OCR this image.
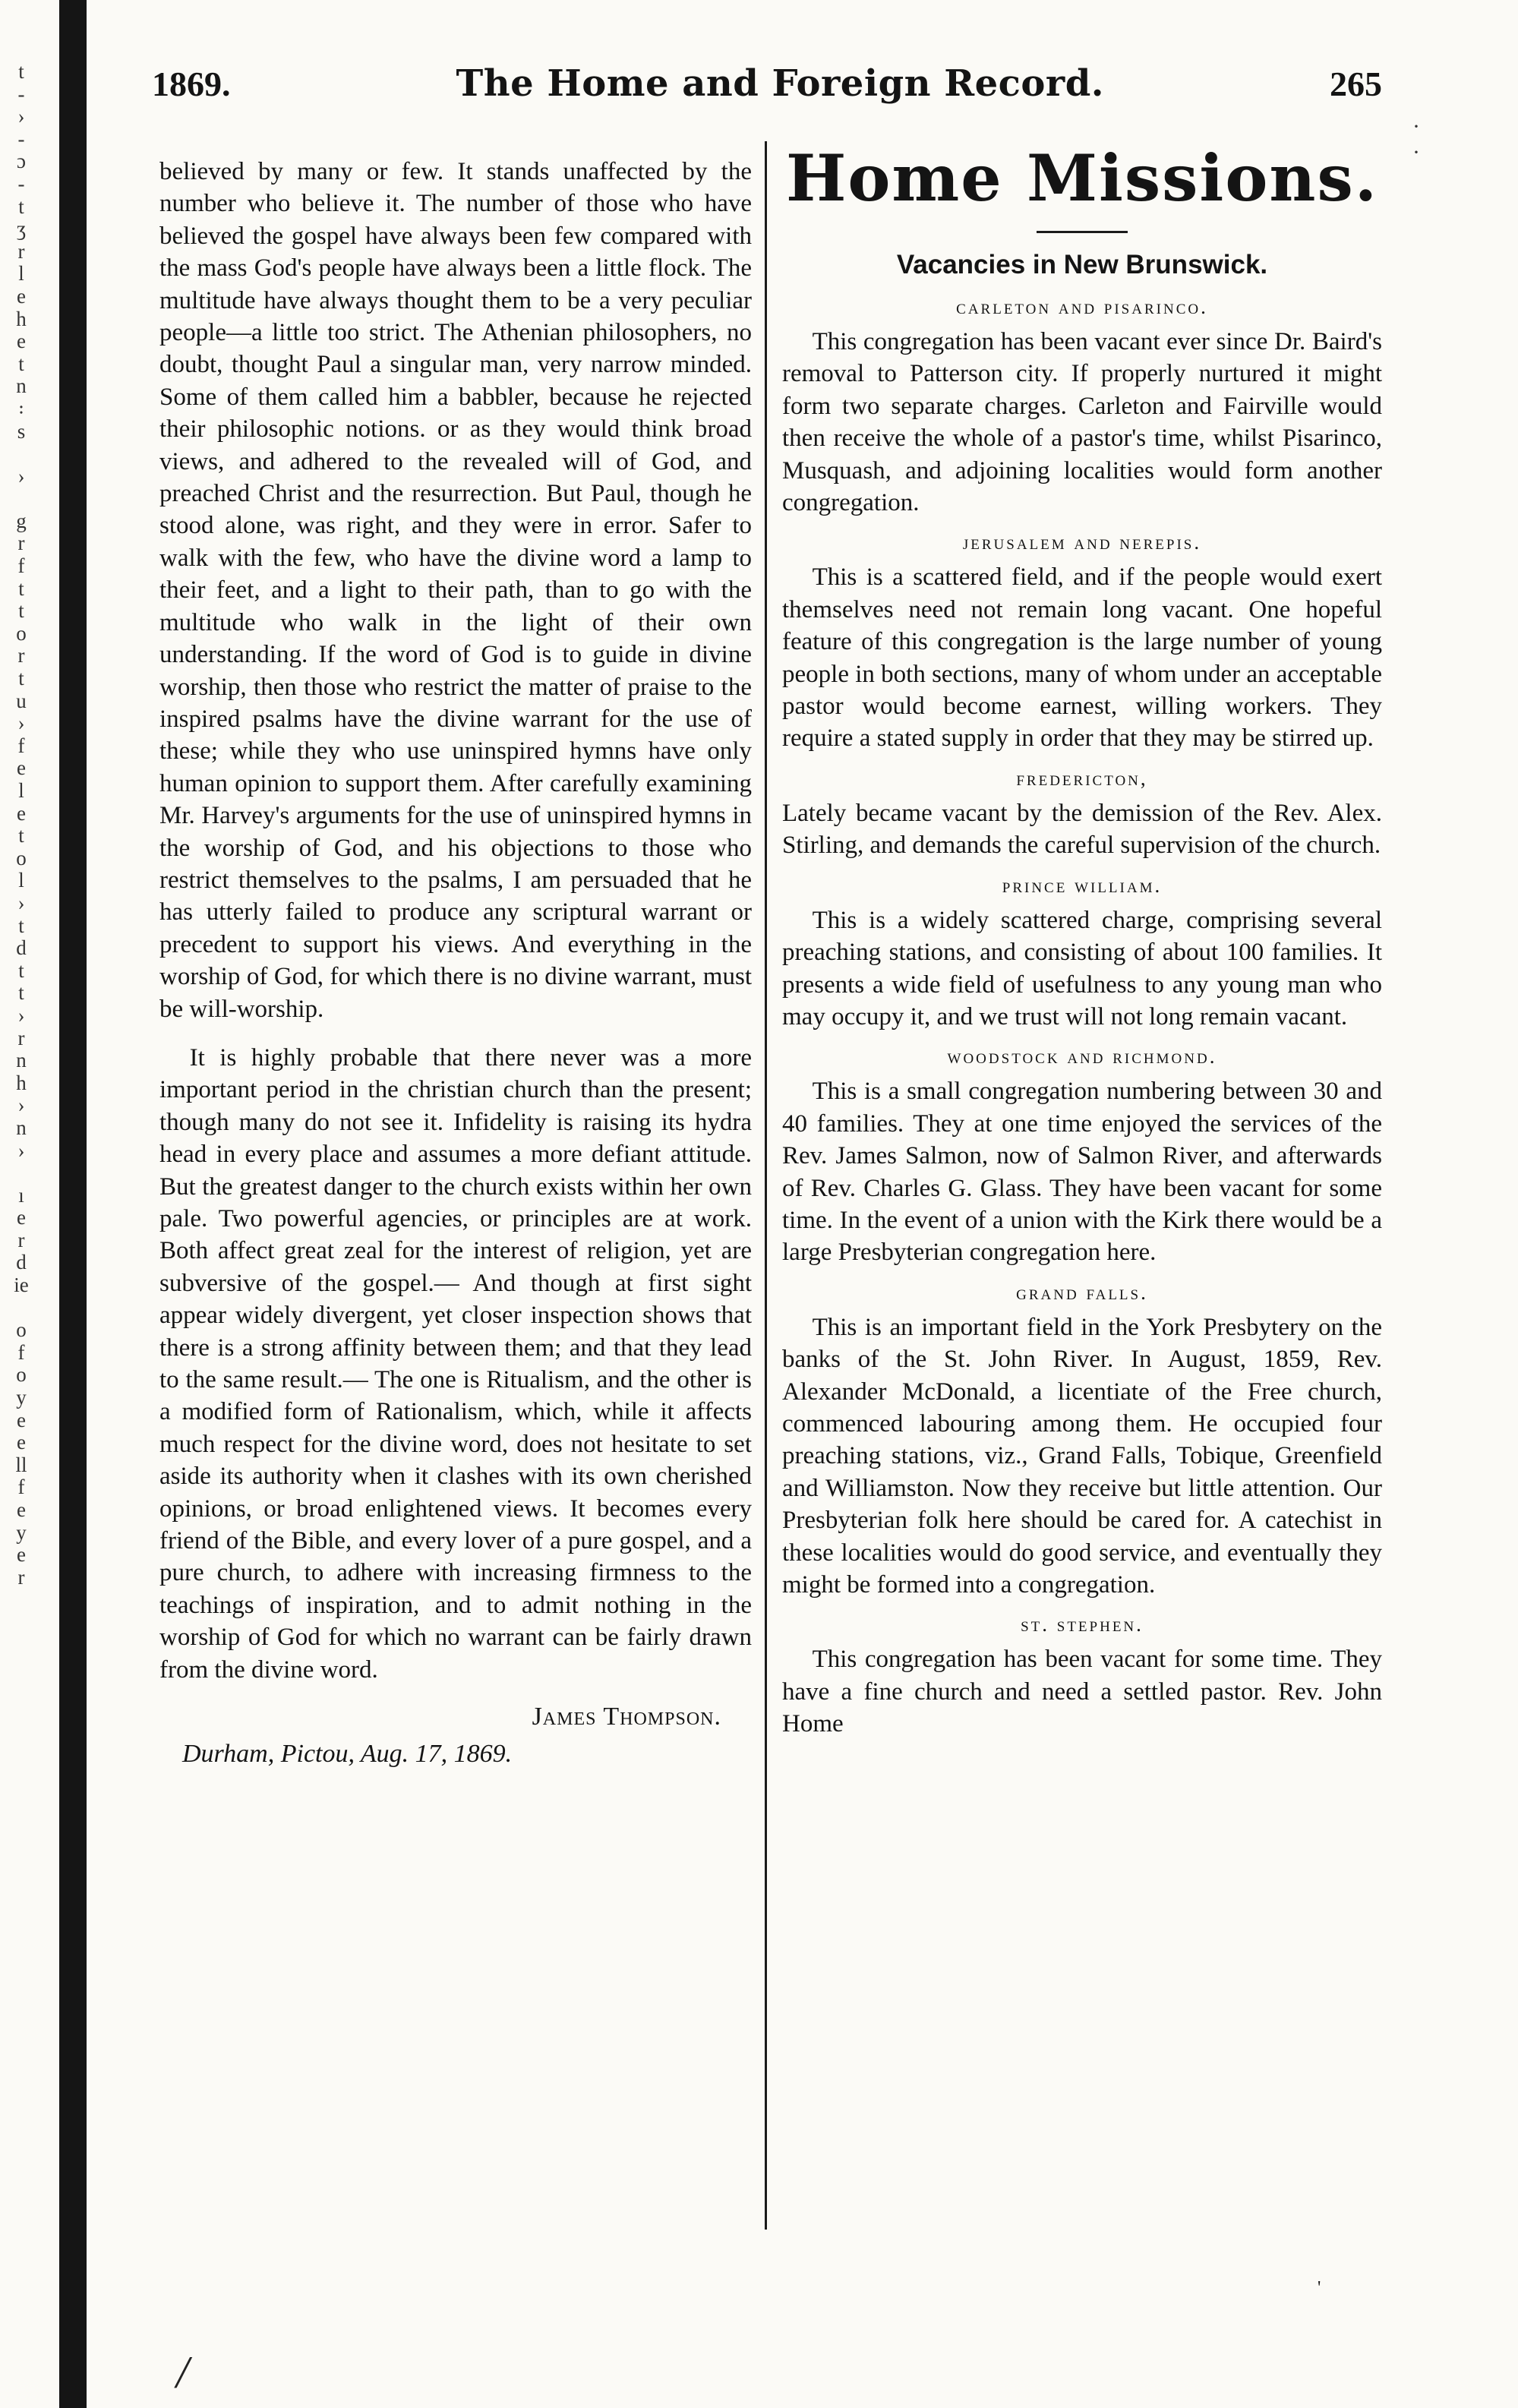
t
-
›
-
ɔ
-
t
ʒ
r
l
e
h
e
t
n
꞉
s

›

g
r
f
t
t
o
r
t
u
›
f
e
l
e
t
o
l
›
t
d
t
t
›
r
n
h
›
n
›

ı
e
r
d
ie

o
f
o
y
e
e
ll
f
e
y
e
r
1869.	The Home and Foreign Record.	265
·
·

believed by many or few. It stands unaffected by the number who believe it. The number of those who have believed the gospel have always been few compared with the mass God's people have always been a little flock. The multitude have always thought them to be a very peculiar people—a little too strict. The Athenian philosophers, no doubt, thought Paul a singular man, very narrow minded. Some of them called him a babbler, because he rejected their philosophic notions. or as they would think broad views, and adhered to the revealed will of God, and preached Christ and the resurrection. But Paul, though he stood alone, was right, and they were in error. Safer to walk with the few, who have the divine word a lamp to their feet, and a light to their path, than to go with the multitude who walk in the light of their own understanding. If the word of God is to guide in divine worship, then those who restrict the matter of praise to the inspired psalms have the divine warrant for the use of these; while they who use uninspired hymns have only human opinion to support them. After carefully examining Mr. Harvey's arguments for the use of uninspired hymns in the worship of God, and his objections to those who restrict themselves to the psalms, I am persuaded that he has utterly failed to produce any scriptural warrant or precedent to support his views. And everything in the worship of God, for which there is no divine warrant, must be will-worship.

It is highly probable that there never was a more important period in the christian church than the present; though many do not see it. Infidelity is raising its hydra head in every place and assumes a more defiant attitude. But the greatest danger to the church exists within her own pale. Two powerful agencies, or principles are at work. Both affect great zeal for the interest of religion, yet are subversive of the gospel.— And though at first sight appear widely divergent, yet closer inspection shows that there is a strong affinity between them; and that they lead to the same result.— The one is Ritualism, and the other is a modified form of Rationalism, which, while it affects much respect for the divine word, does not hesitate to set aside its authority when it clashes with its own cherished opinions, or broad enlightened views. It becomes every friend of the Bible, and every lover of a pure gospel, and a pure church, to adhere with increasing firmness to the teachings of inspiration, and to admit nothing in the worship of God for which no warrant can be fairly drawn from the divine word.

James Thompson.
Durham, Pictou, Aug. 17, 1869.
Home Missions.
Vacancies in New Brunswick.
carleton and pisarinco.

This congregation has been vacant ever since Dr. Baird's removal to Patterson city. If properly nurtured it might form two separate charges. Carleton and Fairville would then receive the whole of a pastor's time, whilst Pisarinco, Musquash, and adjoining localities would form another congregation.

jerusalem and nerepis.

This is a scattered field, and if the people would exert themselves need not remain long vacant. One hopeful feature of this congregation is the large number of young people in both sections, many of whom under an acceptable pastor would become earnest, willing workers. They require a stated supply in order that they may be stirred up.

fredericton,

Lately became vacant by the demission of the Rev. Alex. Stirling, and demands the careful supervision of the church.

prince william.

This is a widely scattered charge, comprising several preaching stations, and consisting of about 100 families. It presents a wide field of usefulness to any young man who may occupy it, and we trust will not long remain vacant.

woodstock and richmond.

This is a small congregation numbering between 30 and 40 families. They at one time enjoyed the services of the Rev. James Salmon, now of Salmon River, and afterwards of Rev. Charles G. Glass. They have been vacant for some time. In the event of a union with the Kirk there would be a large Presbyterian congregation here.

grand falls.

This is an important field in the York Presbytery on the banks of the St. John River. In August, 1859, Rev. Alexander McDonald, a licentiate of the Free church, commenced labouring among them. He occupied four preaching stations, viz., Grand Falls, Tobique, Greenfield and Williamston. Now they receive but little attention. Our Presbyterian folk here should be cared for. A catechist in these localities would do good service, and eventually they might be formed into a congregation.

st. stephen.

This congregation has been vacant for some time. They have a fine church and need a settled pastor. Rev. John Home

'
/
